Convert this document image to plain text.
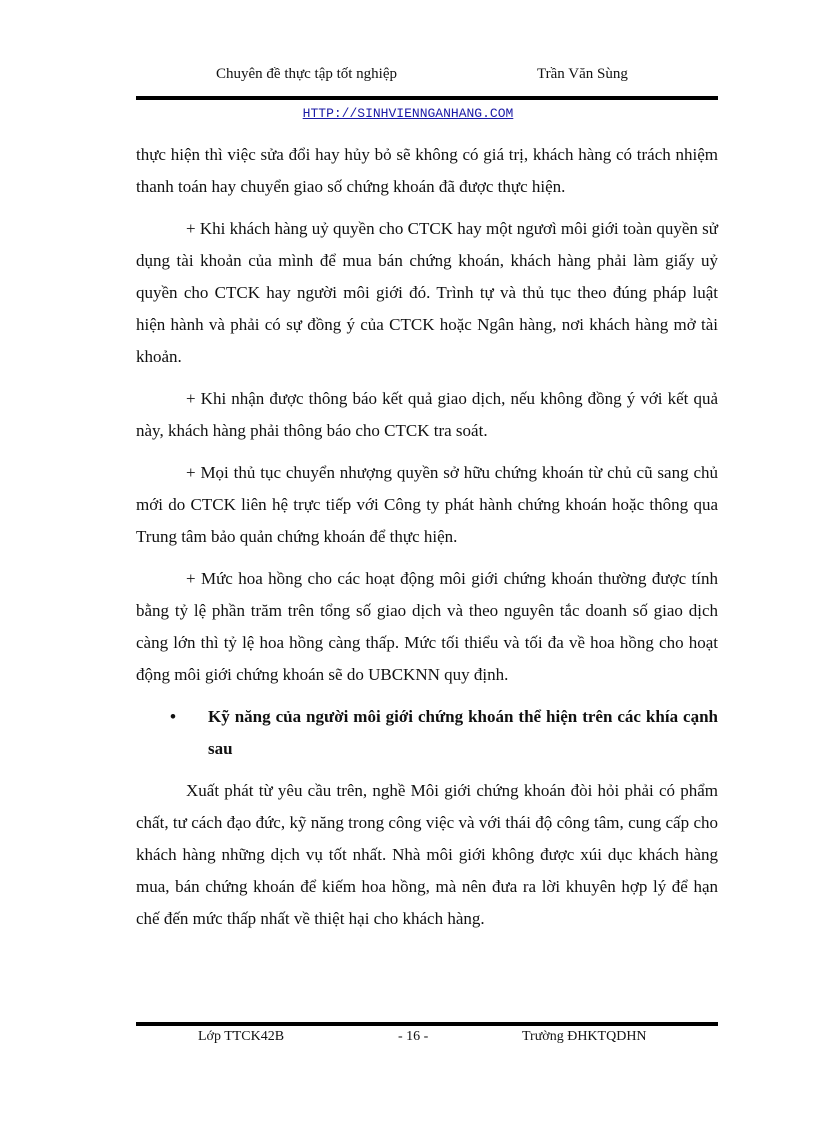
Chuyên đề thực tập tốt nghiệp	Trần Văn Sùng
HTTP://SINHVIENNGANHANG.COM

thực hiện thì việc sửa đổi hay hủy bỏ sẽ không có giá trị, khách hàng có trách nhiệm thanh toán hay chuyển giao số chứng khoán đã được thực hiện.

+ Khi khách hàng uỷ quyền cho CTCK hay một ngươì môi giới toàn quyền sử dụng tài khoản của mình để mua bán chứng khoán, khách hàng phải làm giấy uỷ quyền cho CTCK hay người môi giới đó. Trình tự và thủ tục theo đúng pháp luật hiện hành và phải có sự đồng ý của CTCK hoặc Ngân hàng, nơi khách hàng mở tài khoản.

+ Khi nhận được thông báo kết quả giao dịch, nếu không đồng ý với kết quả này, khách hàng phải thông báo cho CTCK tra soát.

+ Mọi thủ tục chuyển nhượng quyền sở hữu chứng khoán từ chủ cũ sang chủ mới do CTCK liên hệ trực tiếp với Công ty phát hành chứng khoán hoặc thông qua Trung tâm bảo quản chứng khoán để thực hiện.

+ Mức hoa hồng cho các hoạt động môi giới chứng khoán thường được tính bằng tỷ lệ phần trăm trên tổng số giao dịch và theo nguyên tắc doanh số giao dịch càng lớn thì tỷ lệ hoa hồng càng thấp. Mức tối thiểu và tối đa về hoa hồng cho hoạt động môi giới chứng khoán sẽ do UBCKNN quy định.

• Kỹ năng của người môi giới chứng khoán thể hiện trên các khía cạnh sau

Xuất phát từ yêu cầu trên, nghề Môi giới chứng khoán đòi hỏi phải có phẩm chất, tư cách đạo đức, kỹ năng trong công việc và với thái độ công tâm, cung cấp cho khách hàng những dịch vụ tốt nhất. Nhà môi giới không được xúi dục khách hàng mua, bán chứng khoán để kiếm hoa hồng, mà nên đưa ra lời khuyên hợp lý để hạn chế đến mức thấp nhất về thiệt hại cho khách hàng.

Lớp TTCK42B	- 16 -	Trường ĐHKTQDHN
